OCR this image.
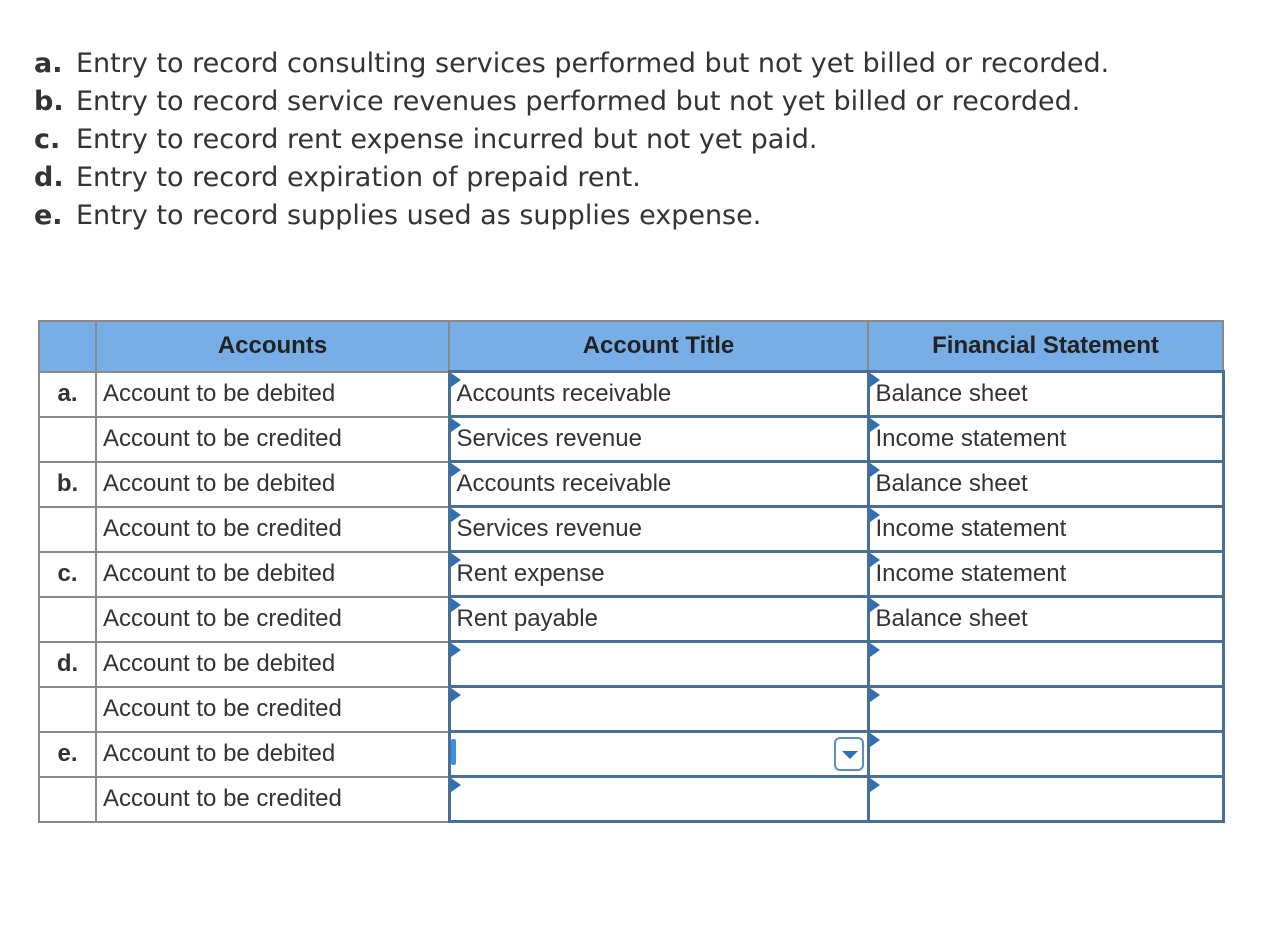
a. Entry to record consulting services performed but not yet billed or recorded.
b. Entry to record service revenues performed but not yet billed or recorded.
c. Entry to record rent expense incurred but not yet paid.
d. Entry to record expiration of prepaid rent.
e. Entry to record supplies used as supplies expense.
	Accounts	Account Title	Financial Statement
a.	Account to be debited	Accounts receivable	Balance sheet
	Account to be credited	Services revenue	Income statement
b.	Account to be debited	Accounts receivable	Balance sheet
	Account to be credited	Services revenue	Income statement
c.	Account to be debited	Rent expense	Income statement
	Account to be credited	Rent payable	Balance sheet
d.	Account to be debited	

	Account to be credited	

e.	Account to be debited	

	Account to be credited	
